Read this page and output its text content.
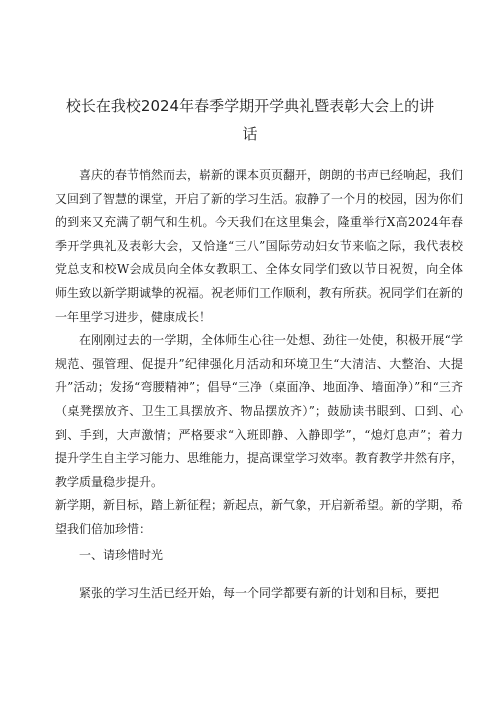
校长在我校2024年春季学期开学典礼暨表彰大会上的讲话

喜庆的春节悄然而去，崭新的课本页页翻开，朗朗的书声已经响起，我们又回到了智慧的课堂，开启了新的学习生活。寂静了一个月的校园，因为你们的到来又充满了朝气和生机。今天我们在这里集会，隆重举行X高2024年春季开学典礼及表彰大会，又恰逢“三八”国际劳动妇女节来临之际，我代表校党总支和校W会成员向全体女教职工、全体女同学们致以节日祝贺，向全体师生致以新学期诚挚的祝福。祝老师们工作顺利，教有所获。祝同学们在新的一年里学习进步，健康成长！

在刚刚过去的一学期，全体师生心往一处想、劲往一处使，积极开展“学规范、强管理、促提升”纪律强化月活动和环境卫生“大清洁、大整治、大提升”活动；发扬“弯腰精神”；倡导“三净（桌面净、地面净、墙面净）”和“三齐（桌凳摆放齐、卫生工具摆放齐、物品摆放齐）”；鼓励读书眼到、口到、心到、手到，大声激情；严格要求“入班即静、入静即学”，“熄灯息声”；着力提升学生自主学习能力、思维能力，提高课堂学习效率。教育教学井然有序，教学质量稳步提升。

新学期，新目标，踏上新征程；新起点，新气象，开启新希望。新的学期，希望我们倍加珍惜：

一、请珍惜时光

紧张的学习生活已经开始，每一个同学都要有新的计划和目标，要把
